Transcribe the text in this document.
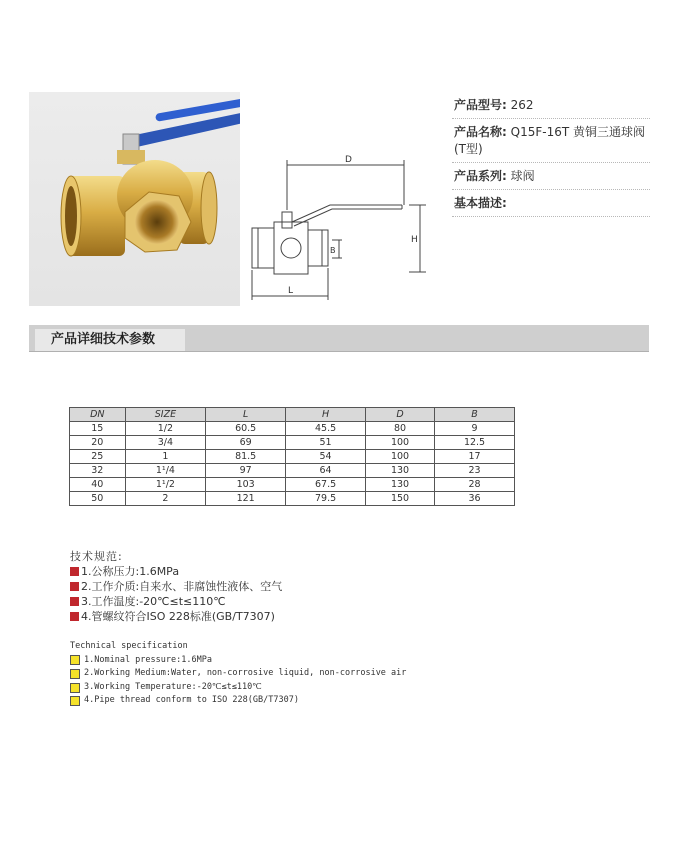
D
H
B
L
产品型号: 262
产品名称: Q15F-16T 黄铜三通球阀(T型)
产品系列: 球阀
基本描述:
产品详细技术参数
DN	SIZE	L	H	D	B
15	1/2	60.5	45.5	80	9
20	3/4	69	51	100	12.5
25	1	81.5	54	100	17
32	1¹/4	97	64	130	23
40	1¹/2	103	67.5	130	28
50	2	121	79.5	150	36
技术规范:
1.公称压力:1.6MPa
2.工作介质:自来水、非腐蚀性液体、空气
3.工作温度:-20℃≤t≤110℃
4.管螺纹符合ISO 228标准(GB/T7307)
Technical specification
1.Nominal pressure:1.6MPa
2.Working Medium:Water, non-corrosive liquid, non-corrosive air
3.Working Temperature:-20℃≤t≤110℃
4.Pipe thread conform to ISO 228(GB/T7307)
